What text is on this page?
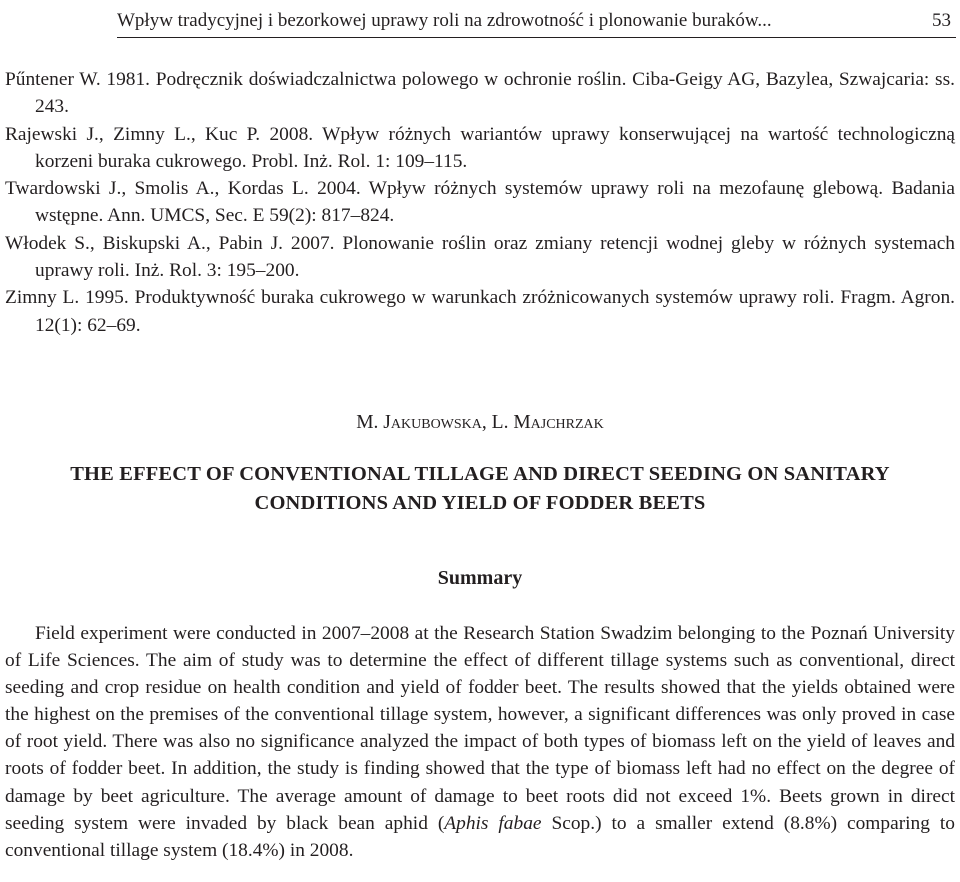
Wpływ tradycyjnej i bezorkowej uprawy roli na zdrowotność i plonowanie buraków...	53
Pűntener W. 1981. Podręcznik doświadczalnictwa polowego w ochronie roślin. Ciba-Geigy AG, Bazylea, Szwajcaria: ss. 243.
Rajewski J., Zimny L., Kuc P. 2008. Wpływ różnych wariantów uprawy konserwującej na wartość technologiczną korzeni buraka cukrowego. Probl. Inż. Rol. 1: 109–115.
Twardowski J., Smolis A., Kordas L. 2004. Wpływ różnych systemów uprawy roli na mezofaunę glebową. Badania wstępne. Ann. UMCS, Sec. E 59(2): 817–824.
Włodek S., Biskupski A., Pabin J. 2007. Plonowanie roślin oraz zmiany retencji wodnej gleby w różnych systemach uprawy roli. Inż. Rol. 3: 195–200.
Zimny L. 1995. Produktywność buraka cukrowego w warunkach zróżnicowanych systemów uprawy roli. Fragm. Agron. 12(1): 62–69.
M. Jakubowska, L. Majchrzak
THE EFFECT OF CONVENTIONAL TILLAGE AND DIRECT SEEDING ON SANITARY
CONDITIONS AND YIELD OF FODDER BEETS
Summary
Field experiment were conducted in 2007–2008 at the Research Station Swadzim belonging to the Poznań University of Life Sciences. The aim of study was to determine the effect of different tillage systems such as conventional, direct seeding and crop residue on health condition and yield of fodder beet. The results showed that the yields obtained were the highest on the premises of the conventional tillage system, however, a significant differences was only proved in case of root yield. There was also no significance analyzed the impact of both types of biomass left on the yield of leaves and roots of fodder beet. In addition, the study is finding showed that the type of biomass left had no effect on the degree of damage by beet agriculture. The average amount of damage to beet roots did not exceed 1%. Beets grown in direct seeding system were invaded by black bean aphid (Aphis fabae Scop.) to a smaller extend (8.8%) comparing to conventional tillage system (18.4%) in 2008.
